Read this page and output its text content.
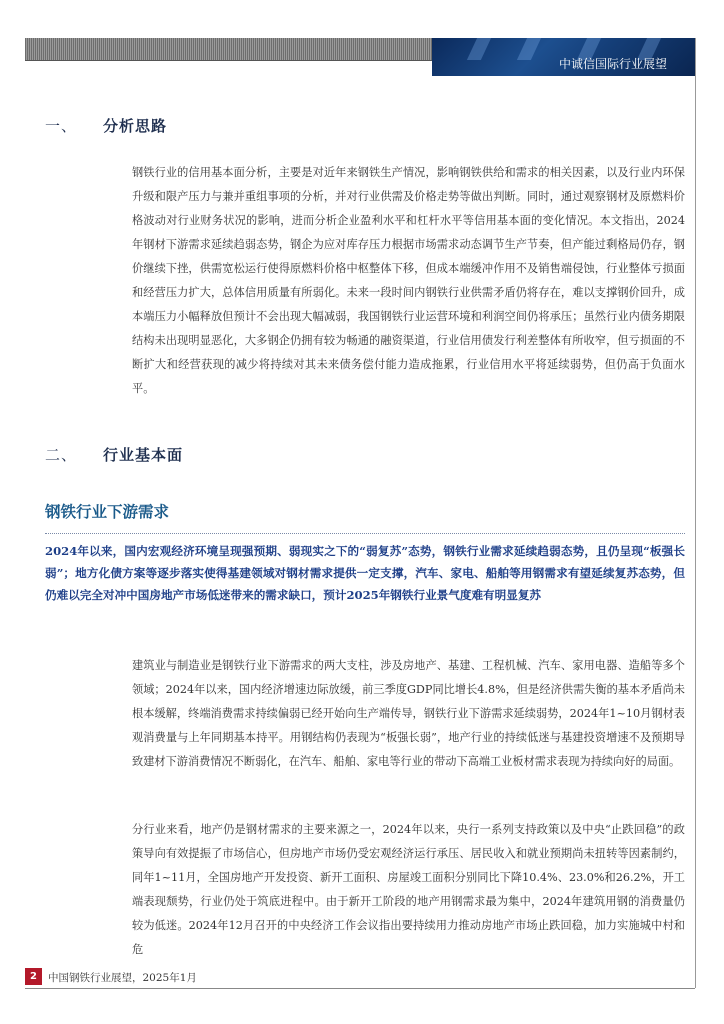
中诚信国际行业展望
一、 分析思路

钢铁行业的信用基本面分析，主要是对近年来钢铁生产情况，影响钢铁供给和需求的相关因素，以及行业内环保升级和限产压力与兼并重组事项的分析，并对行业供需及价格走势等做出判断。同时，通过观察钢材及原燃料价格波动对行业财务状况的影响，进而分析企业盈利水平和杠杆水平等信用基本面的变化情况。本文指出，2024年钢材下游需求延续趋弱态势，钢企为应对库存压力根据市场需求动态调节生产节奏，但产能过剩格局仍存，钢价继续下挫，供需宽松运行使得原燃料价格中枢整体下移，但成本端缓冲作用不及销售端侵蚀，行业整体亏损面和经营压力扩大，总体信用质量有所弱化。未来一段时间内钢铁行业供需矛盾仍将存在，难以支撑钢价回升，成本端压力小幅释放但预计不会出现大幅减弱，我国钢铁行业运营环境和利润空间仍将承压；虽然行业内债务期限结构未出现明显恶化，大多钢企仍拥有较为畅通的融资渠道，行业信用债发行利差整体有所收窄，但亏损面的不断扩大和经营获现的减少将持续对其未来债务偿付能力造成拖累，行业信用水平将延续弱势，但仍高于负面水平。

二、 行业基本面
钢铁行业下游需求

2024年以来，国内宏观经济环境呈现强预期、弱现实之下的“弱复苏”态势，钢铁行业需求延续趋弱态势，且仍呈现“板强长弱”；地方化债方案等逐步落实使得基建领域对钢材需求提供一定支撑，汽车、家电、船舶等用钢需求有望延续复苏态势，但仍难以完全对冲中国房地产市场低迷带来的需求缺口，预计2025年钢铁行业景气度难有明显复苏

建筑业与制造业是钢铁行业下游需求的两大支柱，涉及房地产、基建、工程机械、汽车、家用电器、造船等多个领域；2024年以来，国内经济增速边际放缓，前三季度GDP同比增长4.8%，但是经济供需失衡的基本矛盾尚未根本缓解，终端消费需求持续偏弱已经开始向生产端传导，钢铁行业下游需求延续弱势，2024年1~10月钢材表观消费量与上年同期基本持平。用钢结构仍表现为“板强长弱”，地产行业的持续低迷与基建投资增速不及预期导致建材下游消费情况不断弱化，在汽车、船舶、家电等行业的带动下高端工业板材需求表现为持续向好的局面。

分行业来看，地产仍是钢材需求的主要来源之一，2024年以来，央行一系列支持政策以及中央“止跌回稳”的政策导向有效提振了市场信心，但房地产市场仍受宏观经济运行承压、居民收入和就业预期尚未扭转等因素制约，同年1~11月，全国房地产开发投资、新开工面积、房屋竣工面积分别同比下降10.4%、23.0%和26.2%，开工端表现颓势，行业仍处于筑底进程中。由于新开工阶段的地产用钢需求最为集中，2024年建筑用钢的消费量仍较为低迷。2024年12月召开的中央经济工作会议指出要持续用力推动房地产市场止跌回稳，加力实施城中村和危

2	中国钢铁行业展望，2025年1月
